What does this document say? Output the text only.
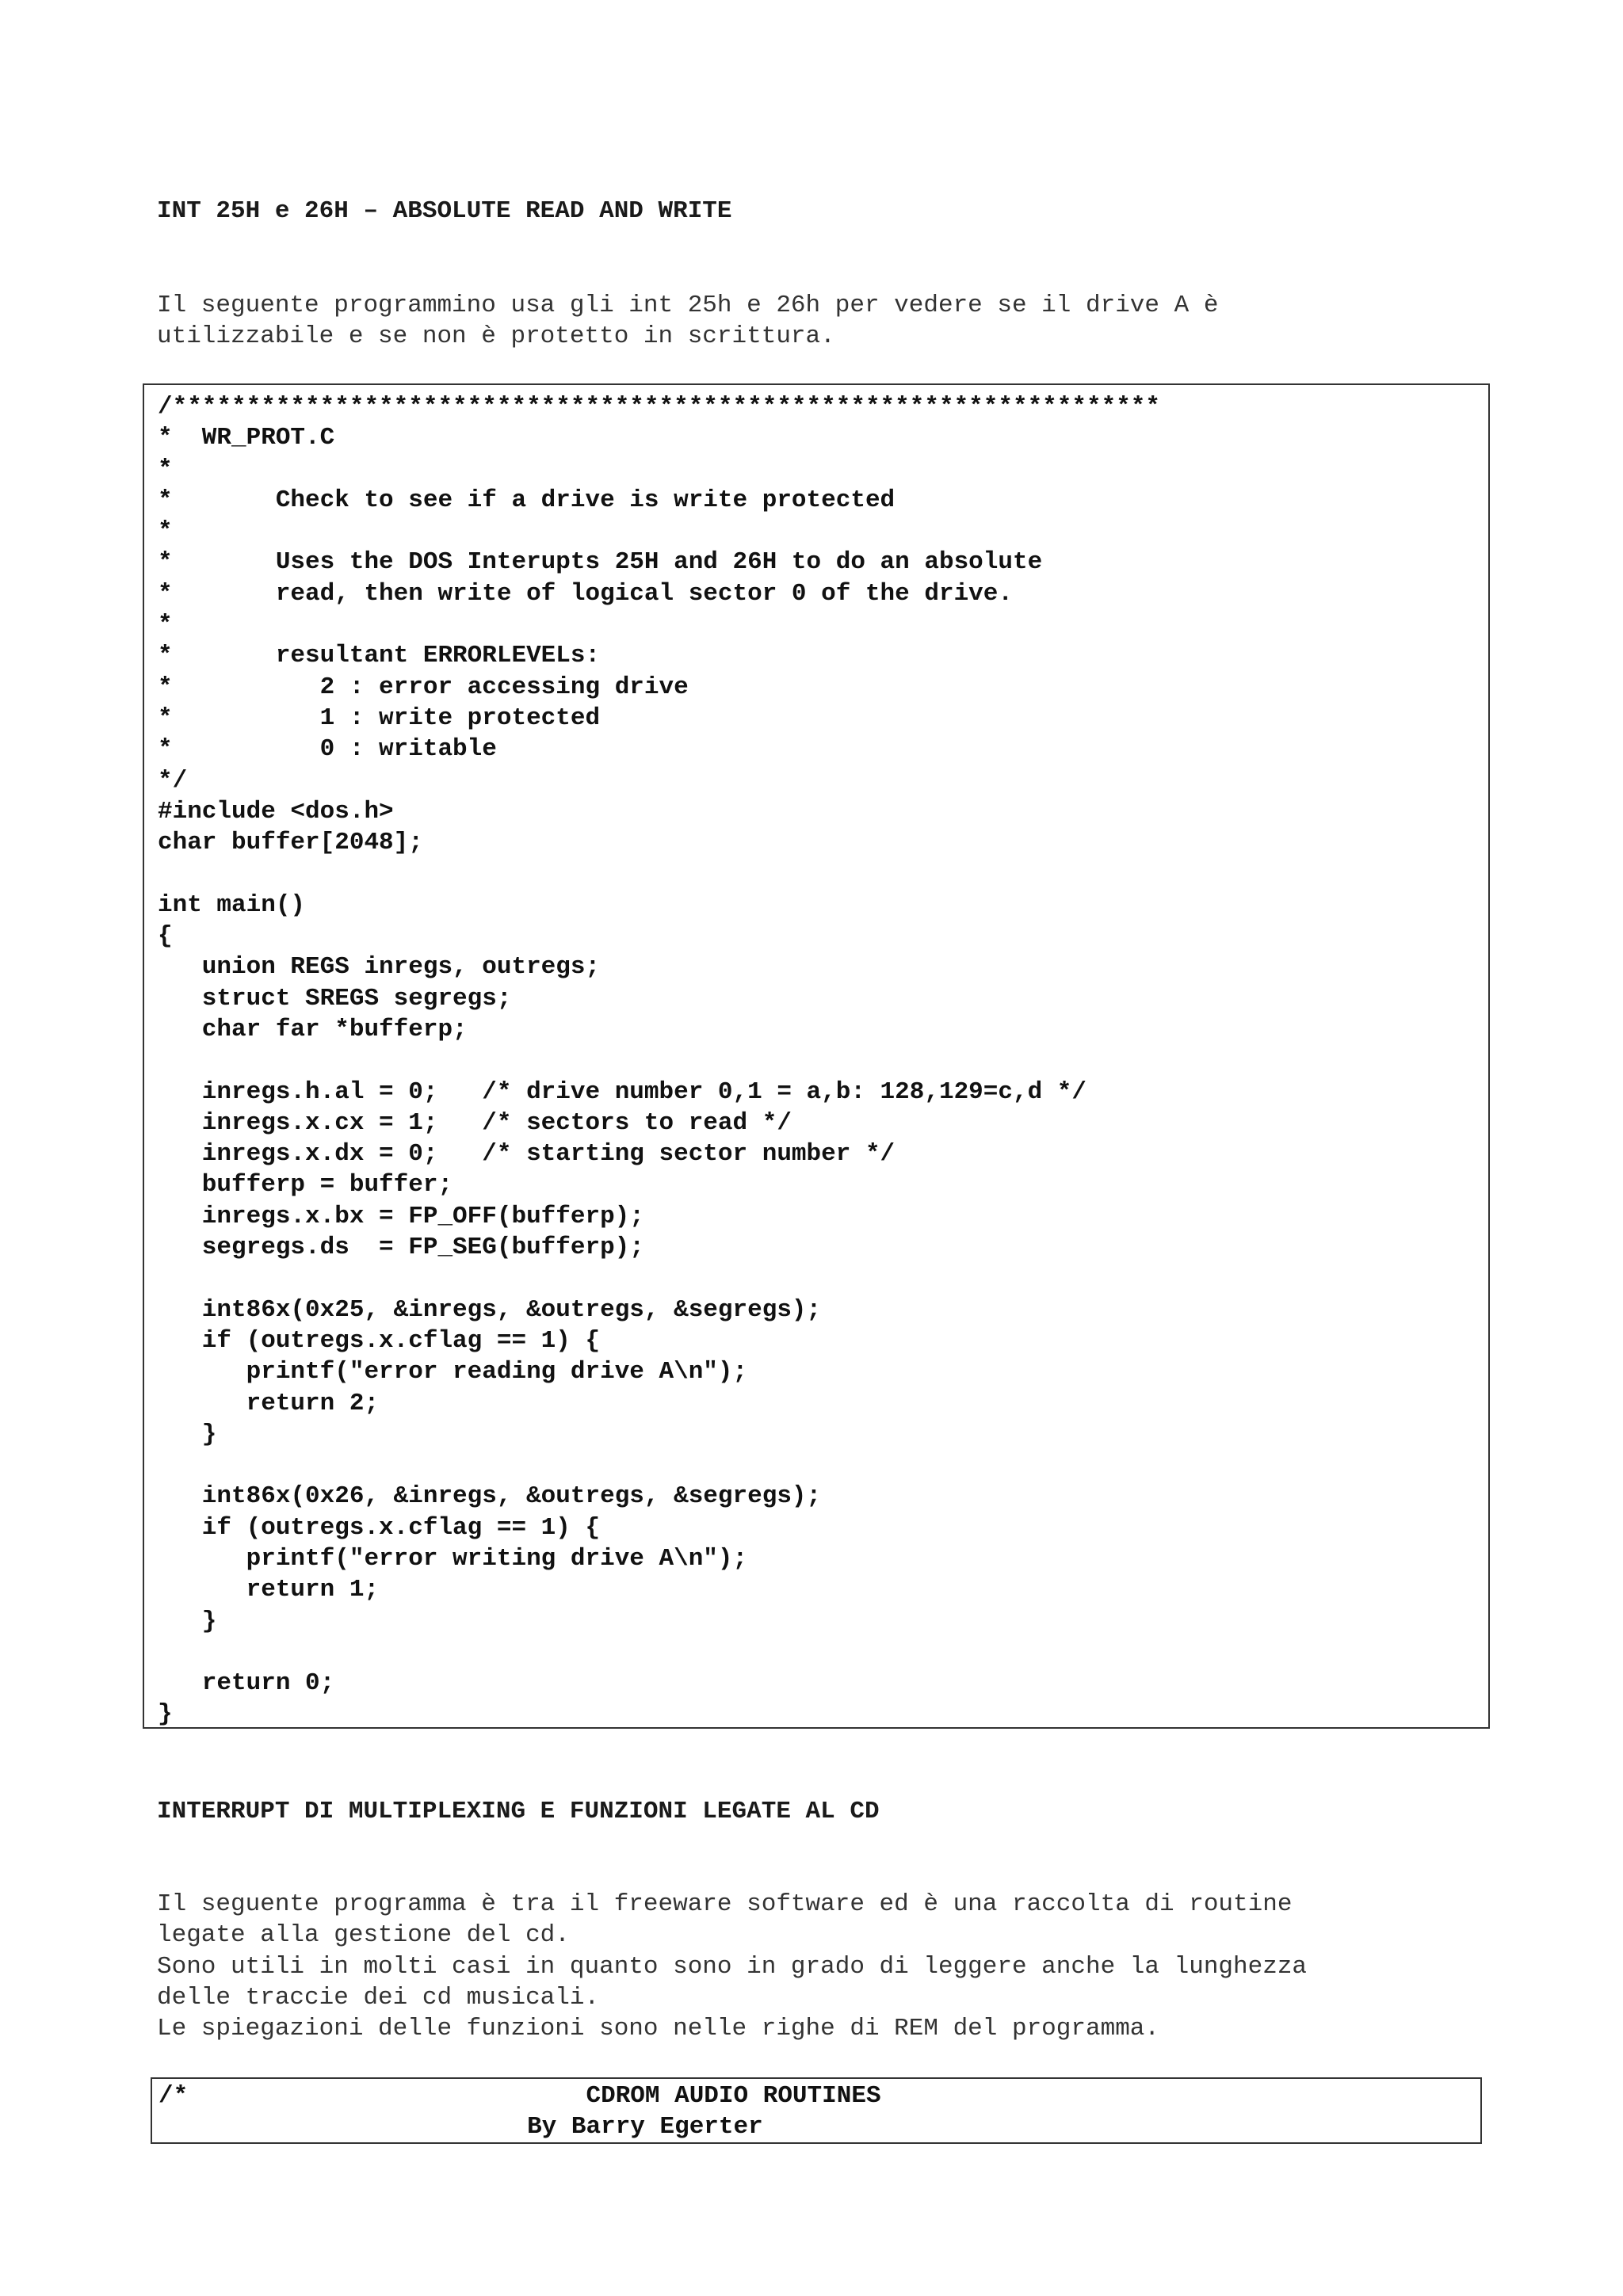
INT 25H e 26H – ABSOLUTE READ AND WRITE
Il seguente programmino usa gli int 25h e 26h per vedere se il drive A è
utilizzabile e se non è protetto in scrittura.
/*******************************************************************
*  WR_PROT.C
*
*       Check to see if a drive is write protected
*
*       Uses the DOS Interupts 25H and 26H to do an absolute
*       read, then write of logical sector 0 of the drive.
*
*       resultant ERRORLEVELs:
*          2 : error accessing drive
*          1 : write protected
*          0 : writable
*/
#include <dos.h>
char buffer[2048];

int main()
{
union REGS inregs, outregs;
struct SREGS segregs;
char far *bufferp;

inregs.h.al = 0;   /* drive number 0,1 = a,b: 128,129=c,d */
inregs.x.cx = 1;   /* sectors to read */
inregs.x.dx = 0;   /* starting sector number */
bufferp = buffer;
inregs.x.bx = FP_OFF(bufferp);
segregs.ds  = FP_SEG(bufferp);

int86x(0x25, &inregs, &outregs, &segregs);
if (outregs.x.cflag == 1) {
printf("error reading drive A\n");
return 2;
}

int86x(0x26, &inregs, &outregs, &segregs);
if (outregs.x.cflag == 1) {
printf("error writing drive A\n");
return 1;
}

return 0;
}
INTERRUPT DI MULTIPLEXING E FUNZIONI LEGATE AL CD
Il seguente programma è tra il freeware software ed è una raccolta di routine
legate alla gestione del cd.
Sono utili in molti casi in quanto sono in grado di leggere anche la lunghezza
delle traccie dei cd musicali.
Le spiegazioni delle funzioni sono nelle righe di REM del programma.
/*                           CDROM AUDIO ROUTINES
By Barry Egerter
